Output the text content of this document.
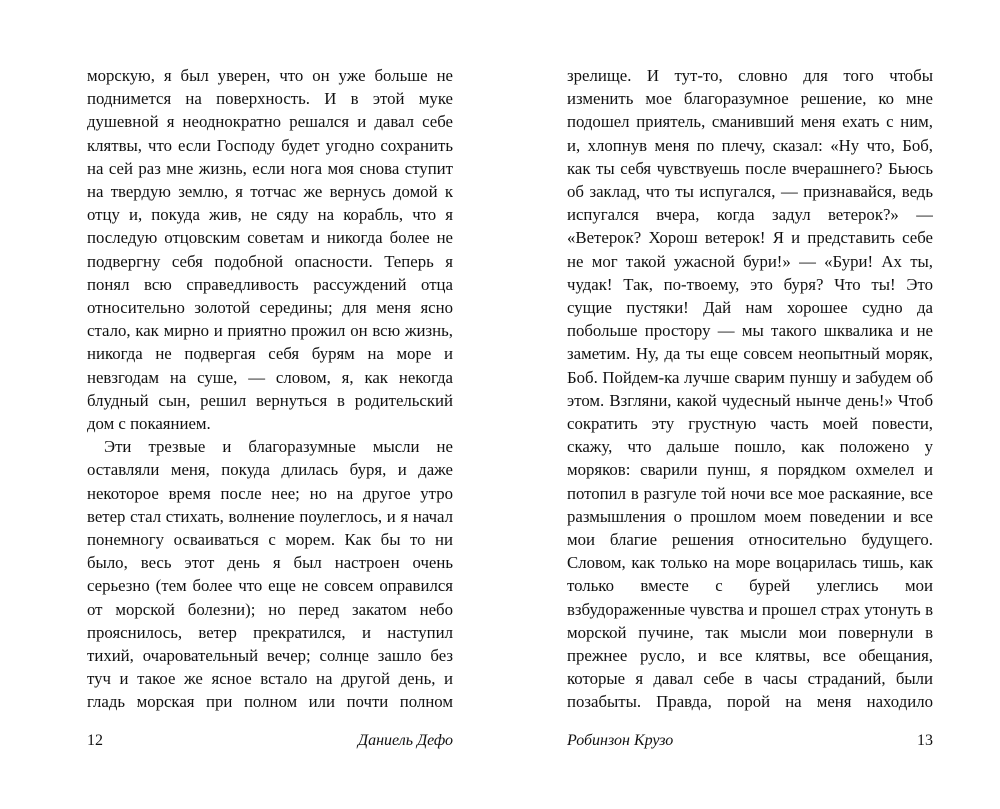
морскую, я был уверен, что он уже больше не поднимется на поверхность. И в этой муке душевной я неоднократно решался и давал себе клятвы, что если Господу будет угодно сохранить на сей раз мне жизнь, если нога моя снова ступит на твердую землю, я тотчас же вернусь домой к отцу и, покуда жив, не сяду на корабль, что я последую отцовским советам и никогда более не подвергну себя подобной опасности. Теперь я понял всю справедливость рассуждений отца относительно золотой середины; для меня ясно стало, как мирно и приятно прожил он всю жизнь, никогда не подвергая себя бурям на море и невзгодам на суше, — словом, я, как некогда блудный сын, решил вернуться в родительский дом с покаянием.

Эти трезвые и благоразумные мысли не оставляли меня, покуда длилась буря, и даже некоторое время после нее; но на другое утро ветер стал стихать, волнение поулеглось, и я начал понемногу осваиваться с морем. Как бы то ни было, весь этот день я был настроен очень серьезно (тем более что еще не совсем оправился от морской болезни); но перед закатом небо прояснилось, ветер прекратился, и наступил тихий, очаровательный вечер; солнце зашло без туч и такое же ясное встало на другой день, и гладь морская при полном или почти полном

12	Даниель Дефо

зрелище. И тут-то, словно для того чтобы изменить мое благоразумное решение, ко мне подошел приятель, сманивший меня ехать с ним, и, хлопнув меня по плечу, сказал: «Ну что, Боб, как ты себя чувствуешь после вчерашнего? Бьюсь об заклад, что ты испугался, — признавайся, ведь испугался вчера, когда задул ветерок?» — «Ветерок? Хорош ветерок! Я и представить себе не мог такой ужасной бури!» — «Бури! Ах ты, чудак! Так, по-твоему, это буря? Что ты! Это сущие пустяки! Дай нам хорошее судно да побольше простору — мы такого шквалика и не заметим. Ну, да ты еще совсем неопытный моряк, Боб. Пойдем-ка лучше сварим пуншу и забудем об этом. Взгляни, какой чудесный нынче день!» Чтоб сократить эту грустную часть моей повести, скажу, что дальше пошло, как положено у моряков: сварили пунш, я порядком охмелел и потопил в разгуле той ночи все мое раскаяние, все размышления о прошлом моем поведении и все мои благие решения относительно будущего. Словом, как только на море воцарилась тишь, как только вместе с бурей улеглись мои взбудораженные чувства и прошел страх утонуть в морской пучине, так мысли мои повернули в прежнее русло, и все клятвы, все обещания, которые я давал себе в часы страданий, были позабыты. Правда, порой на меня находило

Робинзон Крузо	13
